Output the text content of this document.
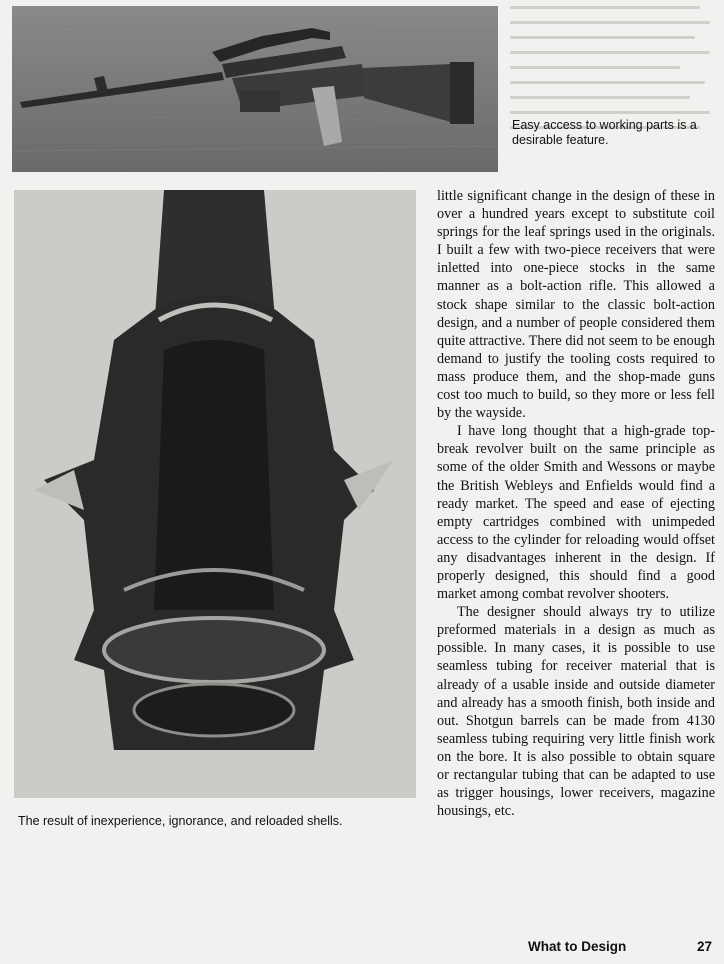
Easy access to working parts is a desirable feature.
The result of inexperience, ignorance, and reloaded shells.

little significant change in the design of these in over a hundred years except to substitute coil springs for the leaf springs used in the originals. I built a few with two-piece receivers that were inletted into one-piece stocks in the same manner as a bolt-action rifle. This allowed a stock shape similar to the classic bolt-action design, and a number of people considered them quite attractive. There did not seem to be enough demand to justify the tooling costs required to mass produce them, and the shop-made guns cost too much to build, so they more or less fell by the wayside.

I have long thought that a high-grade top-break revolver built on the same principle as some of the older Smith and Wessons or maybe the British Webleys and Enfields would find a ready market. The speed and ease of ejecting empty cartridges combined with unimpeded access to the cylinder for reloading would offset any disadvantages inherent in the design. If properly designed, this should find a good market among combat revolver shooters.

The designer should always try to utilize preformed materials in a design as much as possible. In many cases, it is possible to use seamless tubing for receiver material that is already of a usable inside and outside diameter and already has a smooth finish, both inside and out. Shotgun barrels can be made from 4130 seamless tubing requiring very little finish work on the bore. It is also possible to obtain square or rectangular tubing that can be adapted to use as trigger housings, lower receivers, magazine housings, etc.

What to Design	27
